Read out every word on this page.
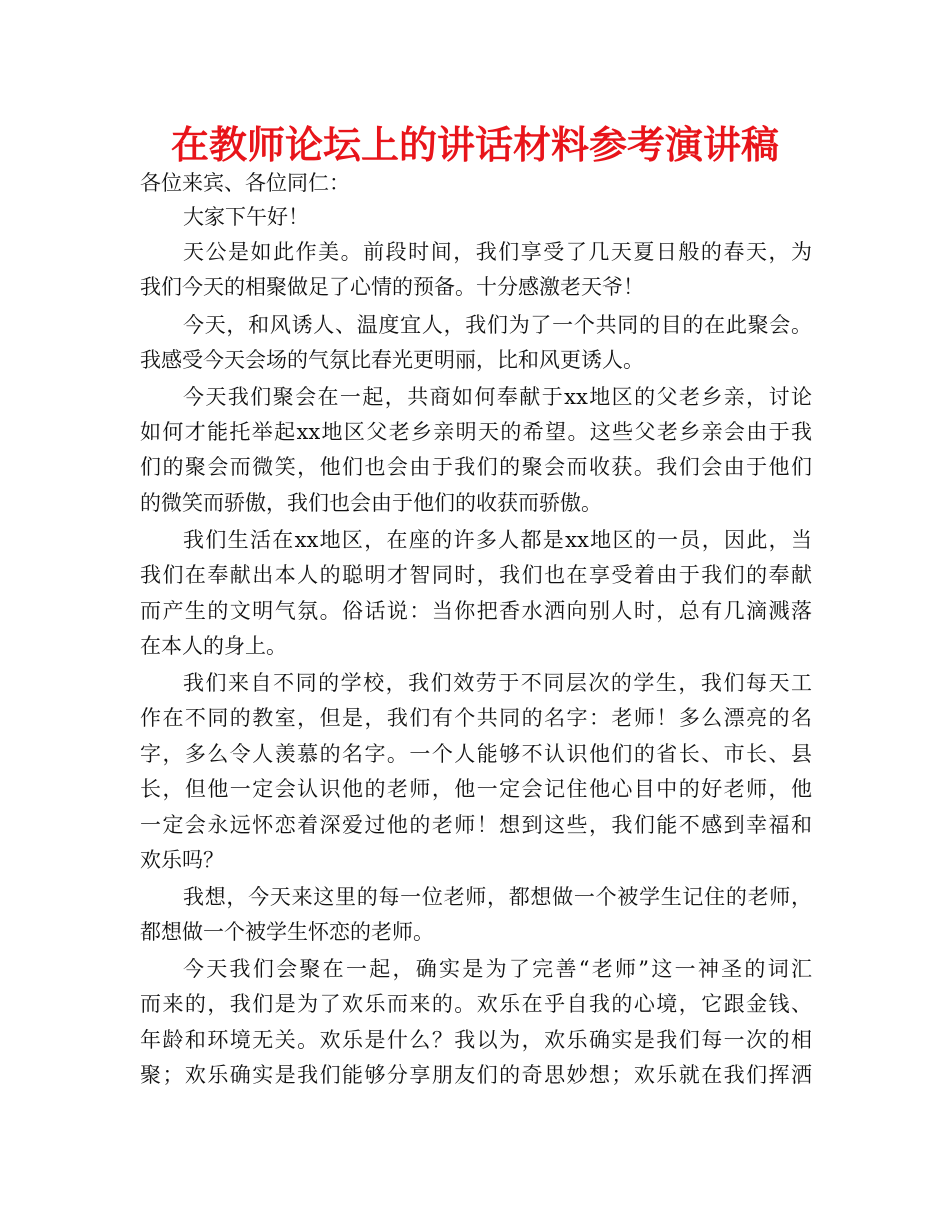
在教师论坛上的讲话材料参考演讲稿
各位来宾、各位同仁：
大家下午好！
天公是如此作美。前段时间，我们享受了几天夏日般的春天，为
我们今天的相聚做足了心情的预备。十分感激老天爷！
今天，和风诱人、温度宜人，我们为了一个共同的目的在此聚会。
我感受今天会场的气氛比春光更明丽，比和风更诱人。
今天我们聚会在一起，共商如何奉献于xx地区的父老乡亲，讨论
如何才能托举起xx地区父老乡亲明天的希望。这些父老乡亲会由于我
们的聚会而微笑，他们也会由于我们的聚会而收获。我们会由于他们
的微笑而骄傲，我们也会由于他们的收获而骄傲。
我们生活在xx地区，在座的许多人都是xx地区的一员，因此，当
我们在奉献出本人的聪明才智同时，我们也在享受着由于我们的奉献
而产生的文明气氛。俗话说：当你把香水洒向别人时，总有几滴溅落
在本人的身上。
我们来自不同的学校，我们效劳于不同层次的学生，我们每天工
作在不同的教室，但是，我们有个共同的名字：老师！多么漂亮的名
字，多么令人羡慕的名字。一个人能够不认识他们的省长、市长、县
长，但他一定会认识他的老师，他一定会记住他心目中的好老师，他
一定会永远怀恋着深爱过他的老师！想到这些，我们能不感到幸福和
欢乐吗？
我想，今天来这里的每一位老师，都想做一个被学生记住的老师，
都想做一个被学生怀恋的老师。
今天我们会聚在一起，确实是为了完善“老师”这一神圣的词汇
而来的，我们是为了欢乐而来的。欢乐在乎自我的心境，它跟金钱、
年龄和环境无关。欢乐是什么？我以为，欢乐确实是我们每一次的相
聚；欢乐确实是我们能够分享朋友们的奇思妙想；欢乐就在我们挥洒
